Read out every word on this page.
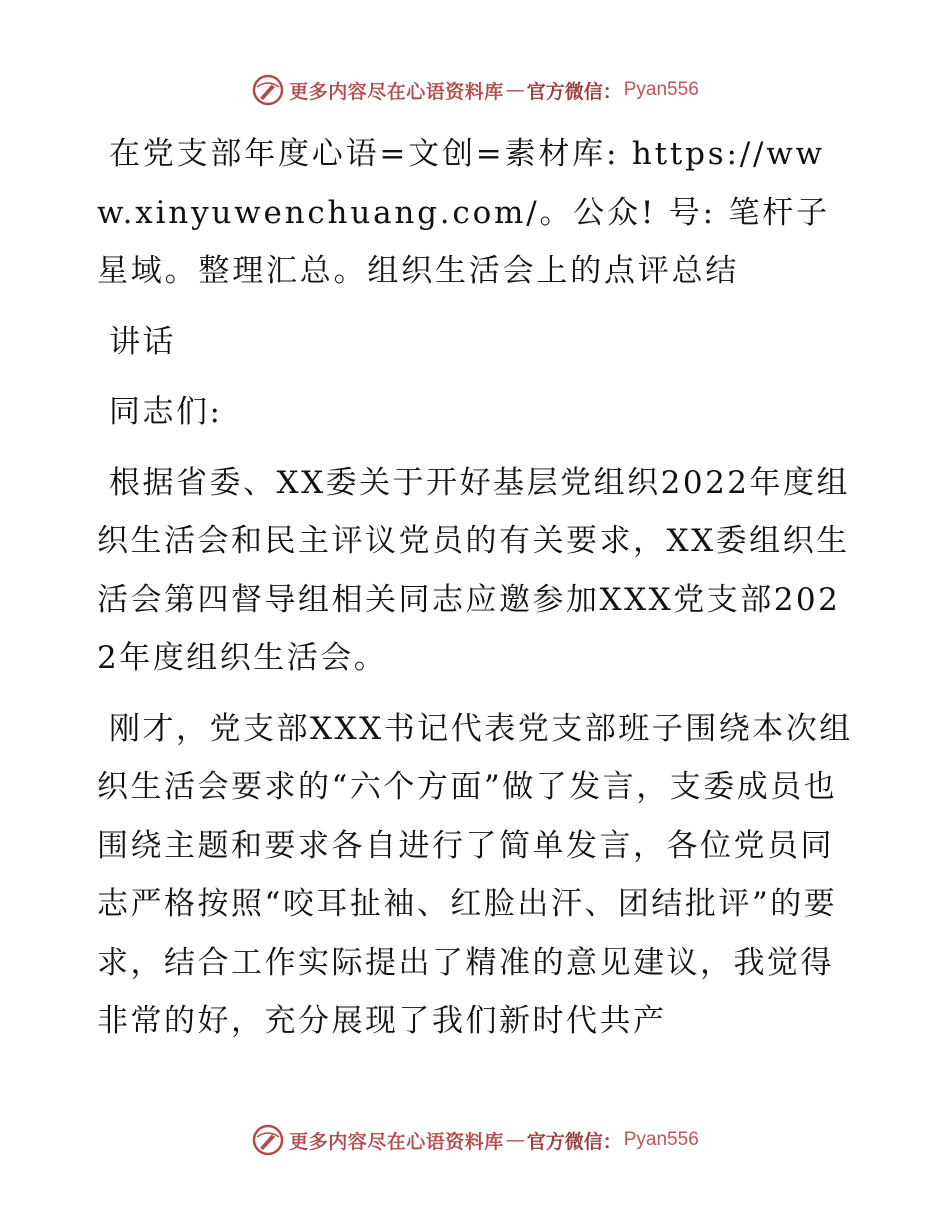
更多内容尽在心语资料库 — 官方微信： Pyan556

在党支部年度心语=文创=素材库: https://www.xinyuwenchuang.com/。公众! 号: 笔杆子星域。整理汇总。组织生活会上的点评总结

讲话

同志们:

根据省委、XX委关于开好基层党组织2022年度组织生活会和民主评议党员的有关要求，XX委组织生活会第四督导组相关同志应邀参加XXX党支部2022年度组织生活会。

刚才，党支部XXX书记代表党支部班子围绕本次组织生活会要求的“六个方面”做了发言，支委成员也围绕主题和要求各自进行了简单发言，各位党员同志严格按照“咬耳扯袖、红脸出汗、团结批评”的要求，结合工作实际提出了精准的意见建议，我觉得非常的好，充分展现了我们新时代共产

更多内容尽在心语资料库 — 官方微信： Pyan556
